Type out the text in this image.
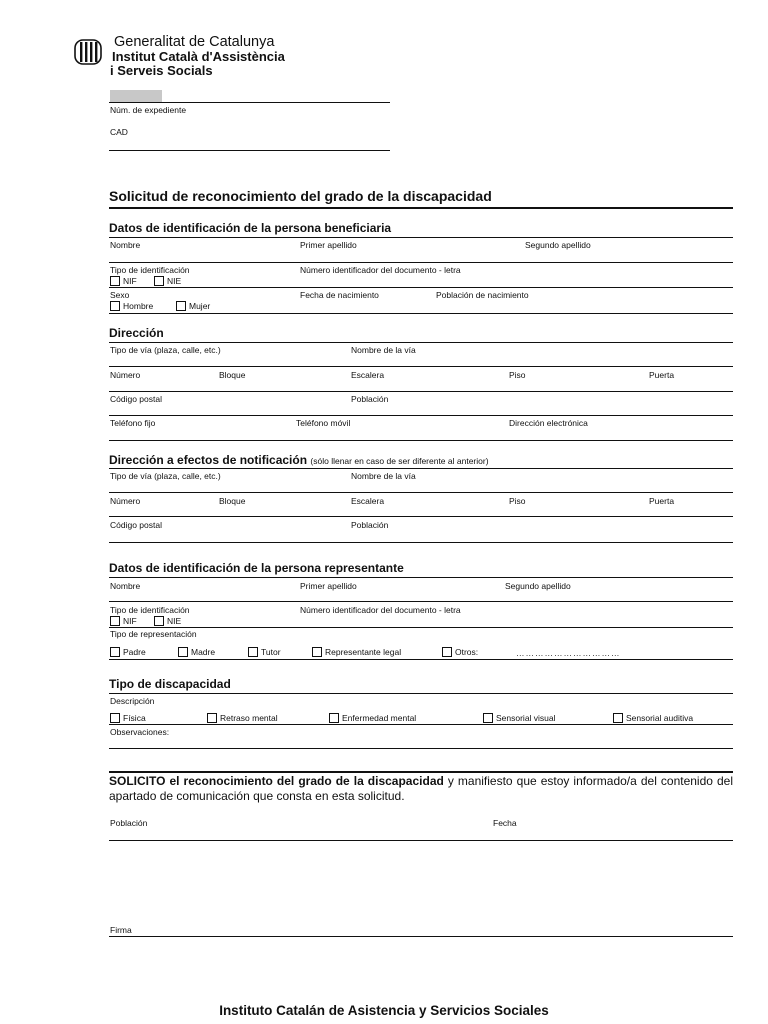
Generalitat de Catalunya
Institut Català d'Assistència
i Serveis Socials
Núm. de expediente
CAD
Solicitud de reconocimiento del grado de la discapacidad
Datos de identificación de la persona beneficiaria
Nombre	Primer apellido	Segundo apellido
Tipo de identificación	Número identificador del documento - letra
NIF	NIE
Sexo	Fecha de nacimiento	Población de nacimiento
Hombre	Mujer
Dirección
Tipo de vía (plaza, calle, etc.)	Nombre de la vía
Número	Bloque	Escalera	Piso	Puerta
Código postal	Población
Teléfono fijo	Teléfono móvil	Dirección electrónica
Dirección a efectos de notificación (sólo llenar en caso de ser diferente al anterior)
Tipo de vía (plaza, calle, etc.)	Nombre de la vía
Número	Bloque	Escalera	Piso	Puerta
Código postal	Población
Datos de identificación de la persona representante
Nombre	Primer apellido	Segundo apellido
Tipo de identificación	Número identificador del documento - letra
NIF	NIE
Tipo de representación
Padre	Madre	Tutor	Representante legal	Otros:	……………………………
Tipo de discapacidad
Descripción
Física	Retraso mental	Enfermedad mental	Sensorial visual	Sensorial auditiva
Observaciones:
SOLICITO el reconocimiento del grado de la discapacidad y manifiesto que estoy informado/a del contenido del apartado de comunicación que consta en esta solicitud.
Población	Fecha
Firma
Instituto Catalán de Asistencia y Servicios Sociales
